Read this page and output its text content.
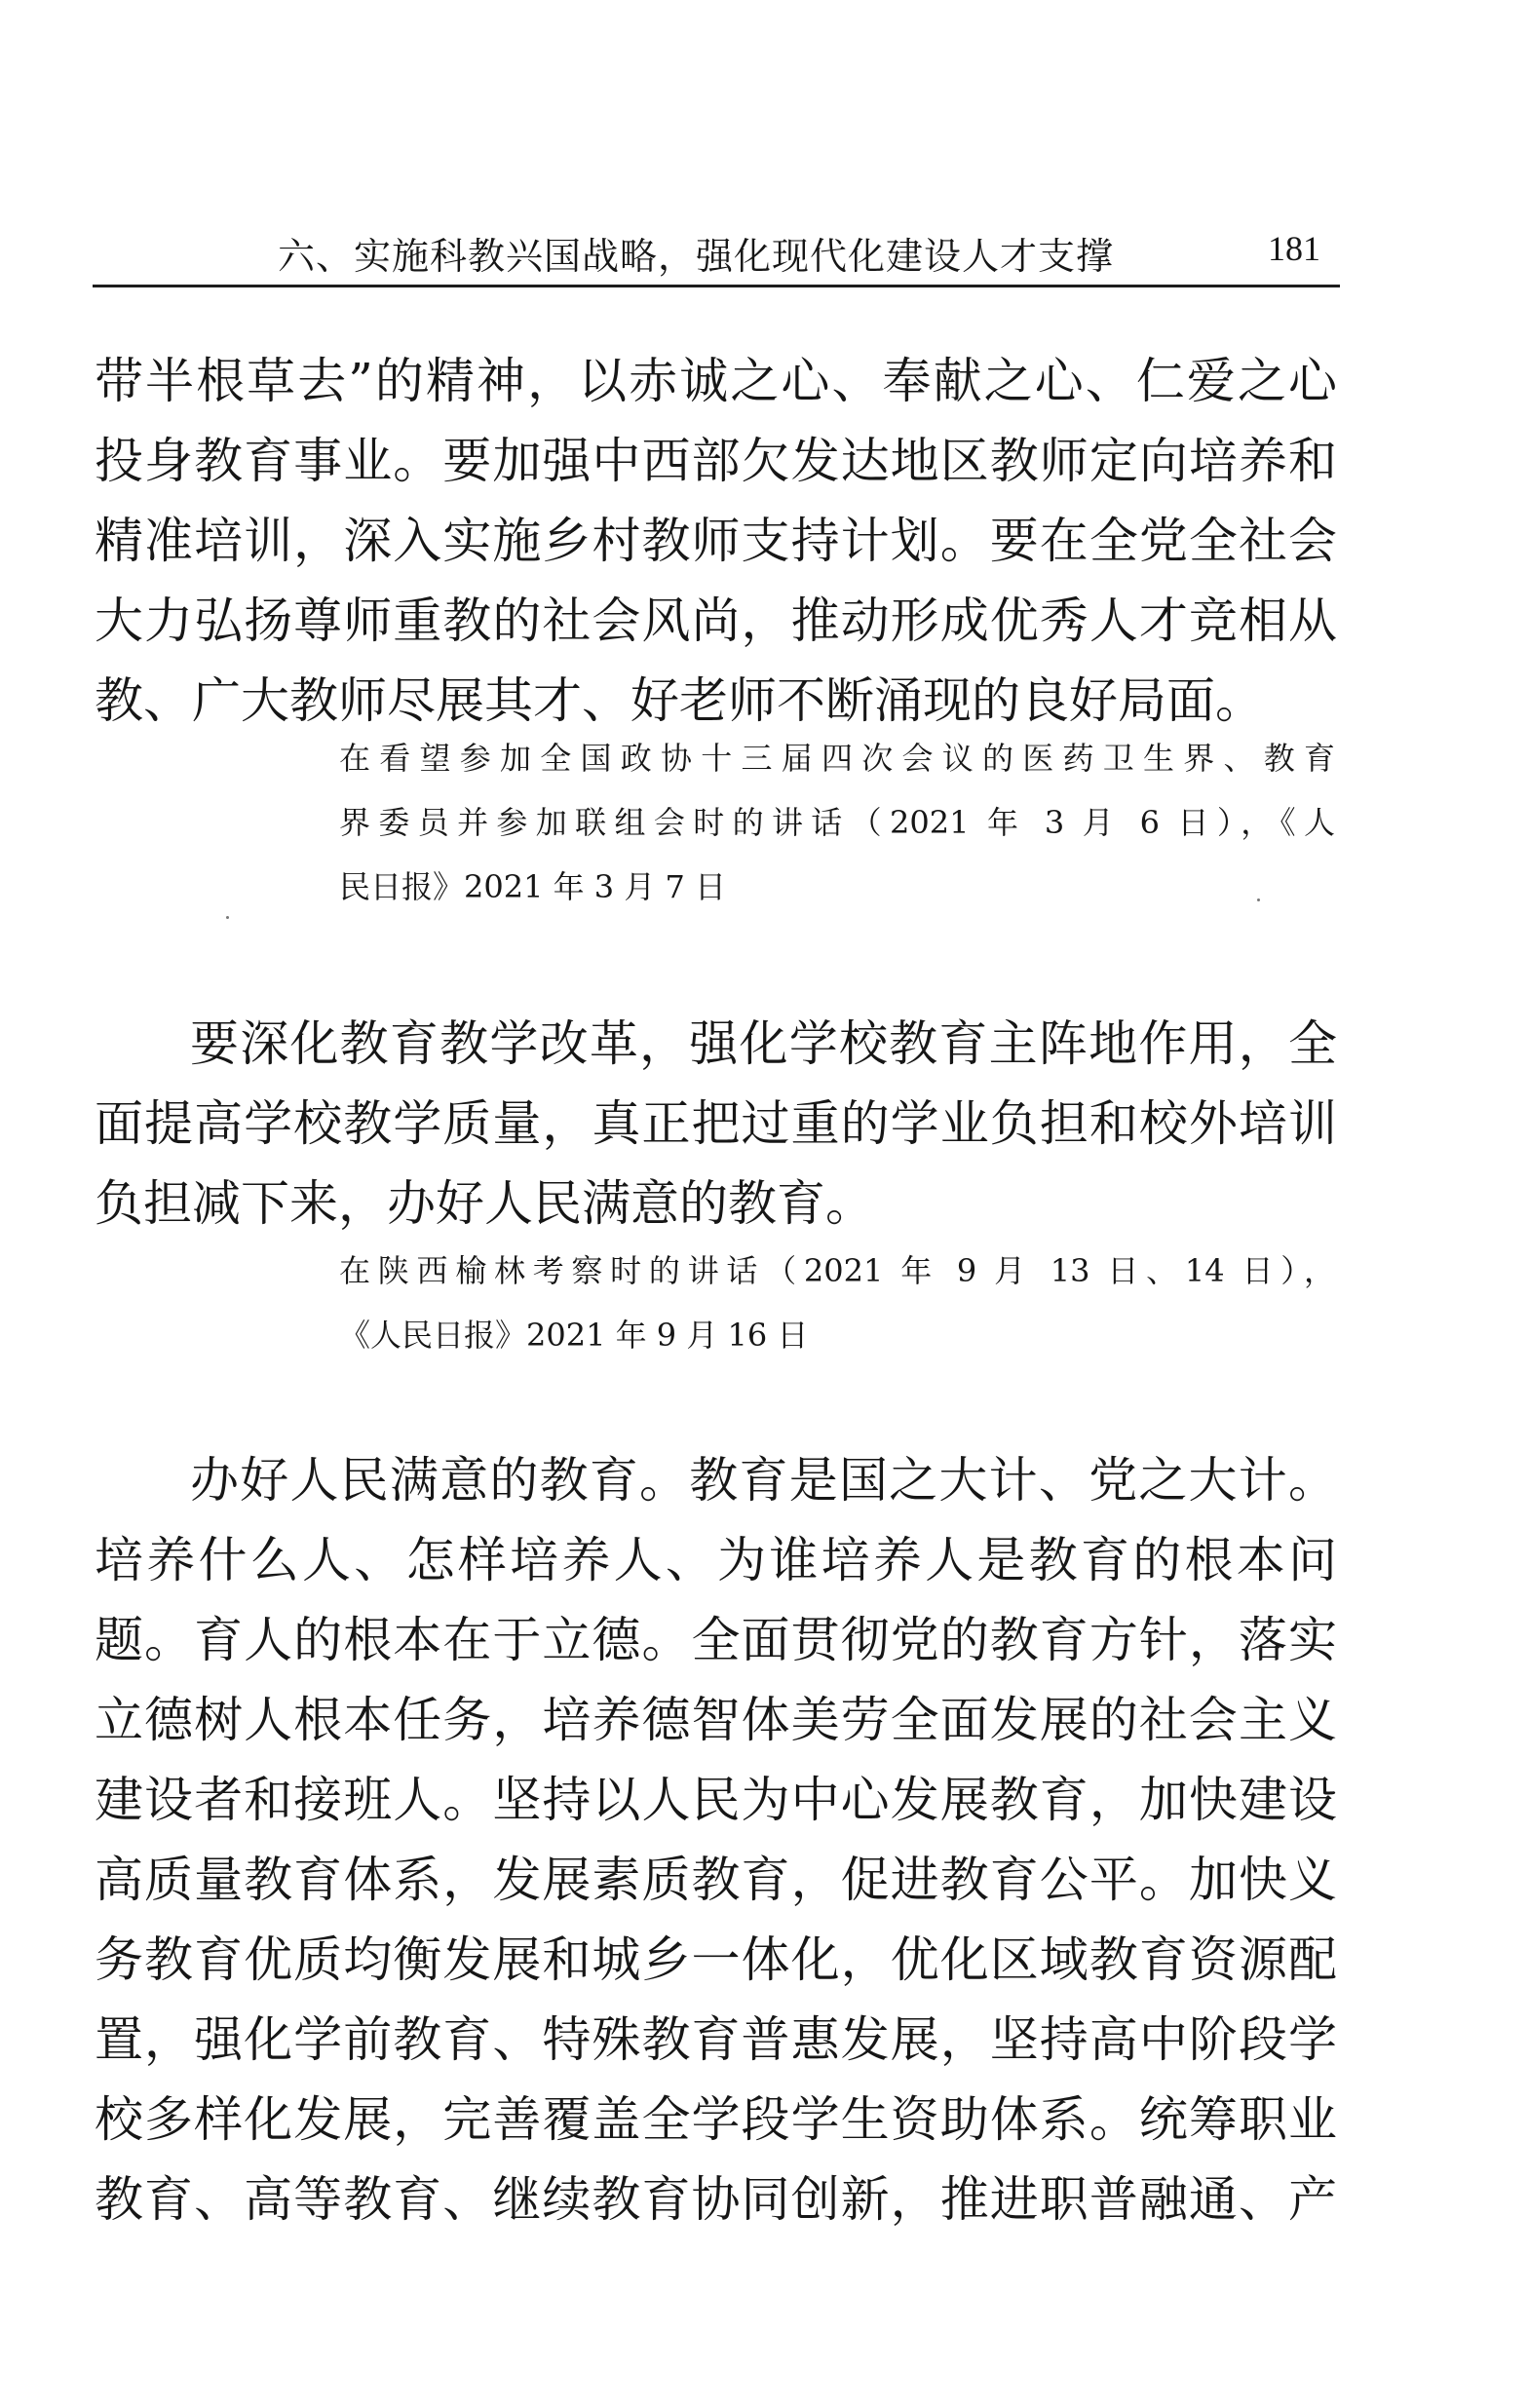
六、实施科教兴国战略，强化现代化建设人才支撑	181

带半根草去”的精神，以赤诚之心、奉献之心、仁爱之心

投身教育事业。要加强中西部欠发达地区教师定向培养和

精准培训，深入实施乡村教师支持计划。要在全党全社会

大力弘扬尊师重教的社会风尚，推动形成优秀人才竞相从

教、广大教师尽展其才、好老师不断涌现的良好局面。

在看望参加全国政协十三届四次会议的医药卫生界、教育

界委员并参加联组会时的讲话（2021 年 3 月 6 日），《人

民日报》2021 年 3 月 7 日

要深化教育教学改革，强化学校教育主阵地作用，全

面提高学校教学质量，真正把过重的学业负担和校外培训

负担减下来，办好人民满意的教育。

在陕西榆林考察时的讲话（2021 年 9 月 13 日、14 日），

《人民日报》2021 年 9 月 16 日

办好人民满意的教育。教育是国之大计、党之大计。

培养什么人、怎样培养人、为谁培养人是教育的根本问

题。育人的根本在于立德。全面贯彻党的教育方针，落实

立德树人根本任务，培养德智体美劳全面发展的社会主义

建设者和接班人。坚持以人民为中心发展教育，加快建设

高质量教育体系，发展素质教育，促进教育公平。加快义

务教育优质均衡发展和城乡一体化，优化区域教育资源配

置，强化学前教育、特殊教育普惠发展，坚持高中阶段学

校多样化发展，完善覆盖全学段学生资助体系。统筹职业

教育、高等教育、继续教育协同创新，推进职普融通、产
